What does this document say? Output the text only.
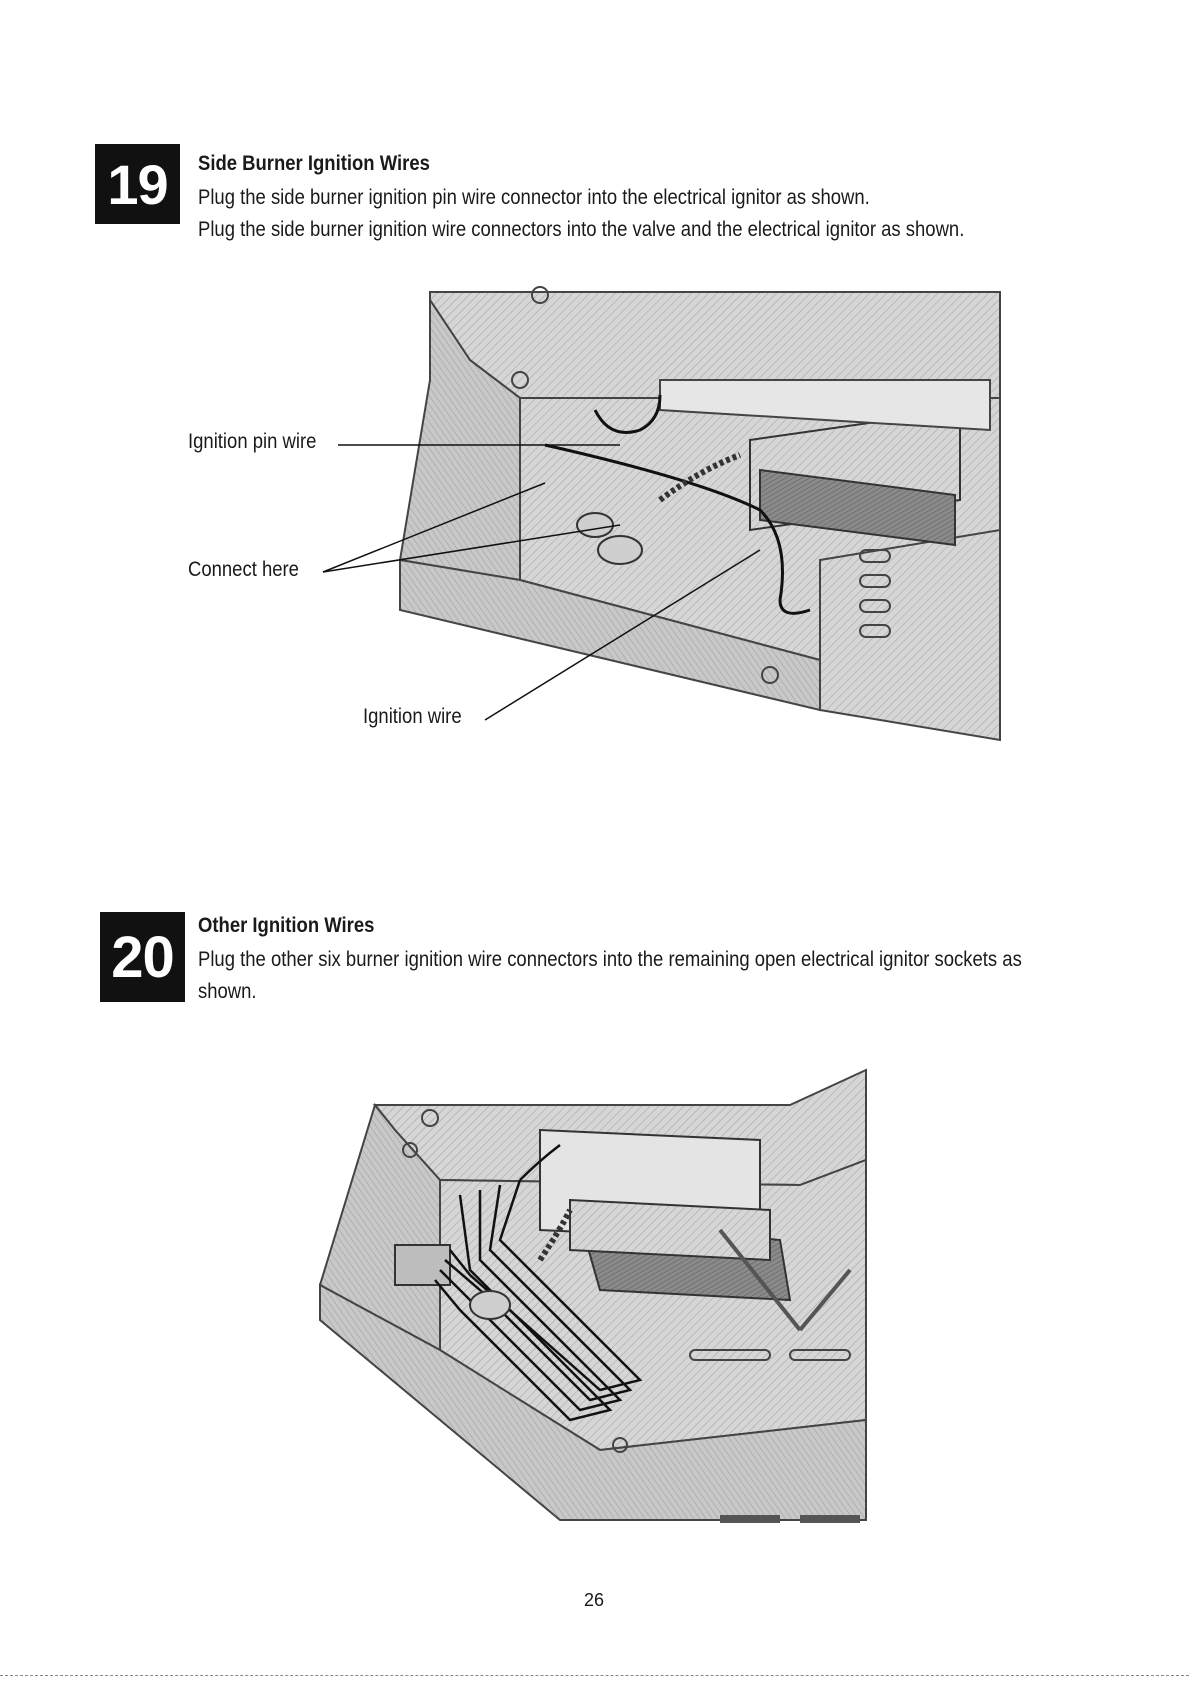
19	Side Burner Ignition Wires
Plug the side burner ignition pin wire connector into the electrical ignitor as shown.
Plug the side burner ignition wire connectors into the valve and the electrical ignitor as shown.
Ignition pin wire
Connect here
Ignition wire
20	Other Ignition Wires
Plug the other six burner ignition wire connectors into the remaining open electrical ignitor sockets as shown.
26
